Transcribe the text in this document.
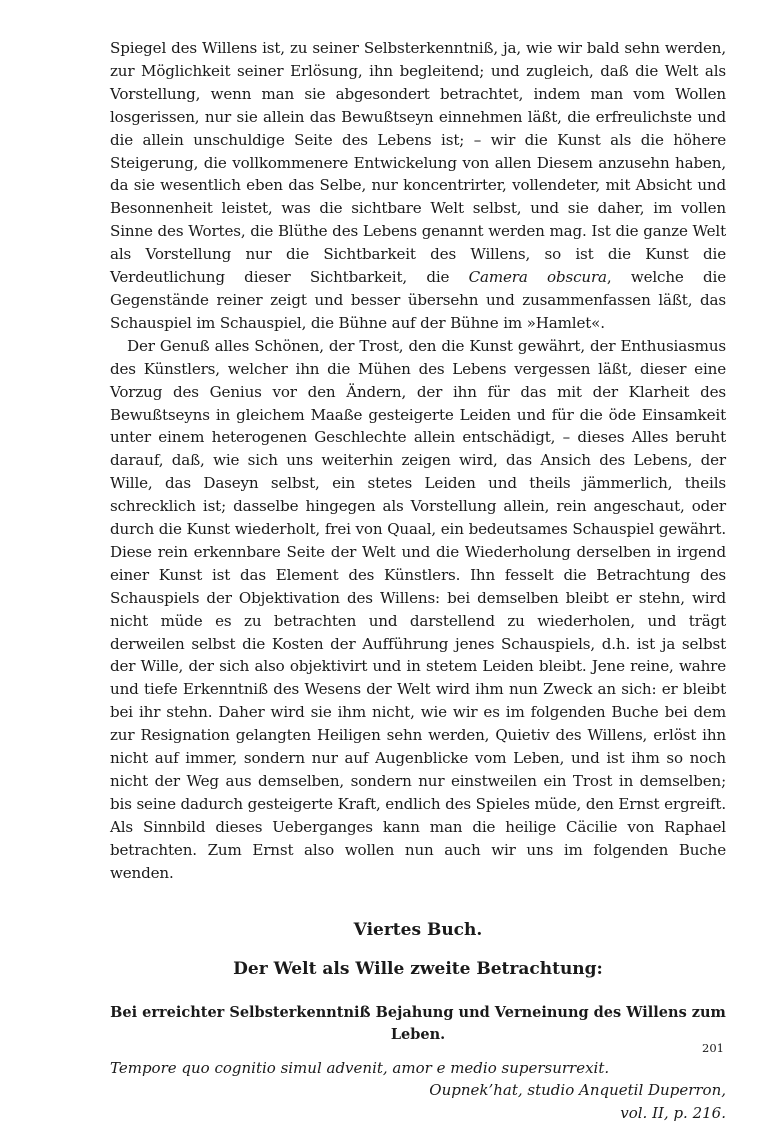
Spiegel des Willens ist, zu seiner Selbsterkenntniß, ja, wie wir bald sehn werden, zur Möglichkeit seiner Erlösung, ihn begleitend; und zugleich, daß die Welt als Vorstellung, wenn man sie abgesondert betrachtet, indem man vom Wollen losgerissen, nur sie allein das Bewußtseyn einnehmen läßt, die erfreulichste und die allein unschuldige Seite des Lebens ist; – wir die Kunst als die höhere Steigerung, die vollkommenere Entwickelung von allen Diesem anzusehn haben, da sie wesentlich eben das Selbe, nur koncentrirter, vollendeter, mit Absicht und Besonnenheit leistet, was die sichtbare Welt selbst, und sie daher, im vollen Sinne des Wortes, die Blüthe des Lebens genannt werden mag. Ist die ganze Welt als Vorstellung nur die Sichtbarkeit des Willens, so ist die Kunst die Verdeutlichung dieser Sichtbarkeit, die Camera obscura, welche die Gegenstände reiner zeigt und besser übersehn und zusammenfassen läßt, das Schauspiel im Schauspiel, die Bühne auf der Bühne im »Hamlet«.

Der Genuß alles Schönen, der Trost, den die Kunst gewährt, der Enthusiasmus des Künstlers, welcher ihn die Mühen des Lebens vergessen läßt, dieser eine Vorzug des Genius vor den Ändern, der ihn für das mit der Klarheit des Bewußtseyns in gleichem Maaße gesteigerte Leiden und für die öde Einsamkeit unter einem heterogenen Geschlechte allein entschädigt, – dieses Alles beruht darauf, daß, wie sich uns weiterhin zeigen wird, das Ansich des Lebens, der Wille, das Daseyn selbst, ein stetes Leiden und theils jämmerlich, theils schrecklich ist; dasselbe hingegen als Vorstellung allein, rein angeschaut, oder durch die Kunst wiederholt, frei von Quaal, ein bedeutsames Schauspiel gewährt. Diese rein erkennbare Seite der Welt und die Wiederholung derselben in irgend einer Kunst ist das Element des Künstlers. Ihn fesselt die Betrachtung des Schauspiels der Objektivation des Willens: bei demselben bleibt er stehn, wird nicht müde es zu betrachten und darstellend zu wiederholen, und trägt derweilen selbst die Kosten der Aufführung jenes Schauspiels, d.h. ist ja selbst der Wille, der sich also objektivirt und in stetem Leiden bleibt. Jene reine, wahre und tiefe Erkenntniß des Wesens der Welt wird ihm nun Zweck an sich: er bleibt bei ihr stehn. Daher wird sie ihm nicht, wie wir es im folgenden Buche bei dem zur Resignation gelangten Heiligen sehn werden, Quietiv des Willens, erlöst ihn nicht auf immer, sondern nur auf Augenblicke vom Leben, und ist ihm so noch nicht der Weg aus demselben, sondern nur einstweilen ein Trost in demselben; bis seine dadurch gesteigerte Kraft, endlich des Spieles müde, den Ernst ergreift. Als Sinnbild dieses Ueberganges kann man die heilige Cäcilie von Raphael betrachten. Zum Ernst also wollen nun auch wir uns im folgenden Buche wenden.

Viertes Buch.
Der Welt als Wille zweite Betrachtung:
Bei erreichter Selbsterkenntniß Bejahung und Verneinung des Willens zum Leben.

Tempore quo cognitio simul advenit, amor e medio supersurrexit.

Oupnek’hat, studio Anquetil Duperron,

vol. II, p. 216.

201
